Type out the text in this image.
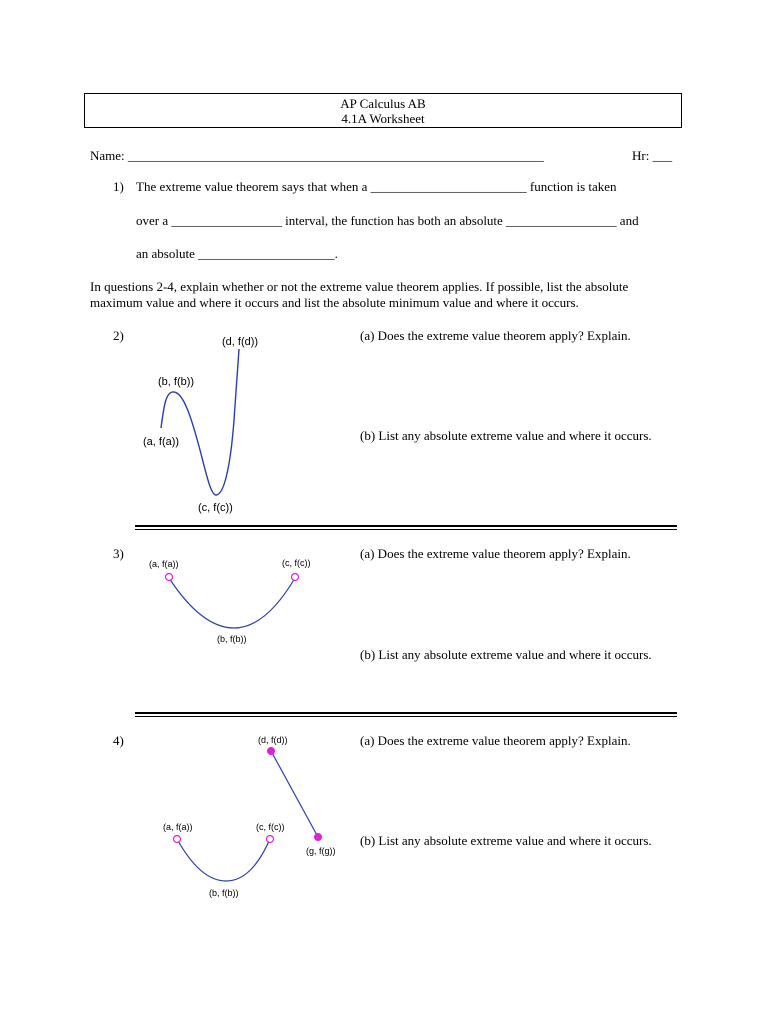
AP Calculus AB
4.1A Worksheet
Name: ________________________________________________________________	Hr: ___
1) The extreme value theorem says that when a ________________________ function is taken
over a _________________ interval, the function has both an absolute _________________ and
an absolute _____________________.
In questions 2-4, explain whether or not the extreme value theorem applies. If possible, list the absolute
maximum value and where it occurs and list the absolute minimum value and where it occurs.
2)	(a) Does the extreme value theorem apply? Explain.
(b) List any absolute extreme value and where it occurs.
(d, f(d))
(b, f(b))
(a, f(a))
(c, f(c))
3)	(a) Does the extreme value theorem apply? Explain.
(b) List any absolute extreme value and where it occurs.
(a, f(a))	(c, f(c))
(b, f(b))
4)	(a) Does the extreme value theorem apply? Explain.
(b) List any absolute extreme value and where it occurs.
(d, f(d))
(a, f(a))	(c, f(c))
(g, f(g))
(b, f(b))
